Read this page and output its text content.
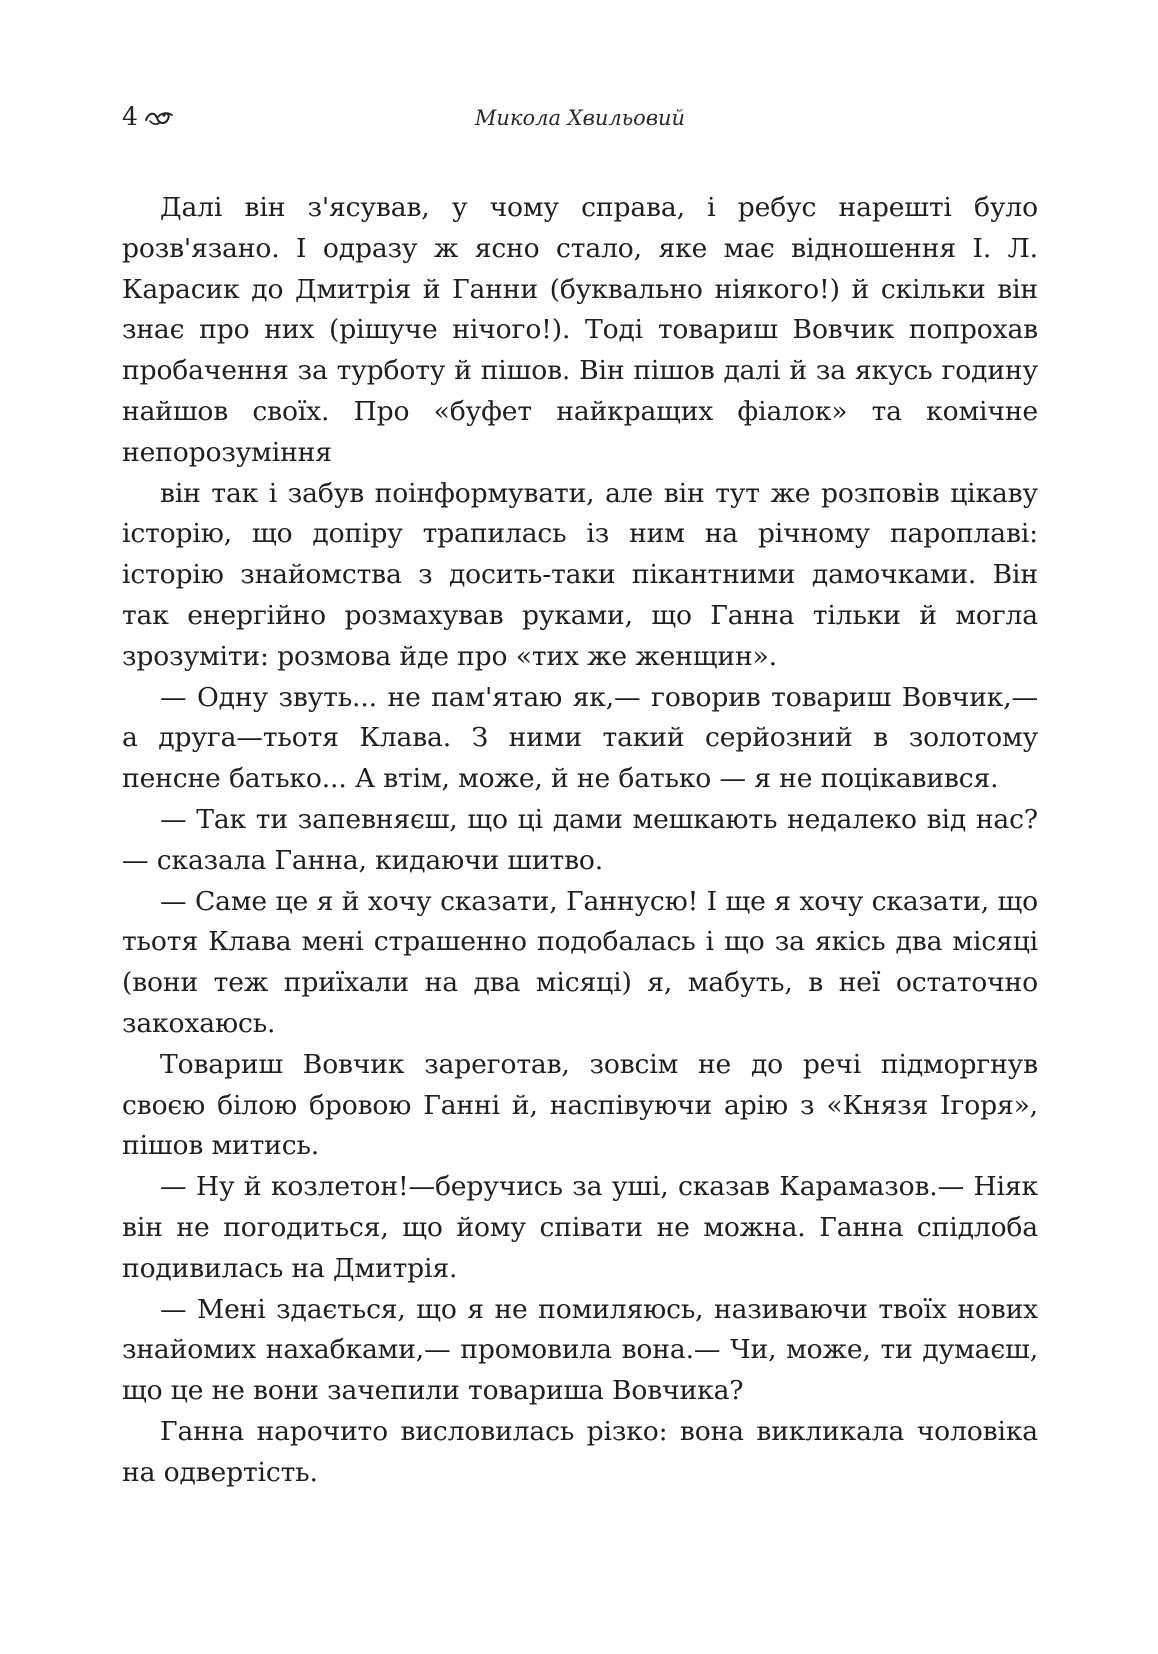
4	Микола Хвильовий

Далі він з'ясував, у чому справа, і ребус нарешті було розв'язано. І одразу ж ясно стало, яке має відношення І. Л. Карасик до Дмитрія й Ганни (буквально ніякого!) й скільки він знає про них (рішуче нічого!). Тоді товариш Вовчик попрохав пробачення за турботу й пішов. Він пішов далі й за якусь годину найшов своїх. Про «буфет найкращих фіалок» та комічне непорозуміння

він так і забув поінформувати, але він тут же розповів цікаву історію, що допіру трапилась із ним на річному пароплаві: історію знайомства з досить-таки пікантними дамочками. Він так енергійно розмахував руками, що Ганна тільки й могла зрозуміти: розмова йде про «тих же женщин».

— Одну звуть... не пам'ятаю як,— говорив товариш Вовчик,— а друга—тьотя Клава. З ними такий серйозний в золотому пенсне батько... А втім, може, й не батько — я не поцікавився.

— Так ти запевняєш, що ці дами мешкають недалеко від нас? — сказала Ганна, кидаючи шитво.

— Саме це я й хочу сказати, Ганнусю! І ще я хочу сказати, що тьотя Клава мені страшенно подобалась і що за якісь два місяці (вони теж приїхали на два місяці) я, мабуть, в неї остаточно закохаюсь.

Товариш Вовчик зареготав, зовсім не до речі підморгнув своєю білою бровою Ганні й, наспівуючи арію з «Князя Ігоря», пішов митись.

— Ну й козлетон!—беручись за уші, сказав Карамазов.— Ніяк він не погодиться, що йому співати не можна. Ганна спідлоба подивилась на Дмитрія.

— Мені здається, що я не помиляюсь, називаючи твоїх нових знайомих нахабками,— промовила вона.— Чи, може, ти думаєш, що це не вони зачепили товариша Вовчика?

Ганна нарочито висловилась різко: вона викликала чоловіка на одвертість.
